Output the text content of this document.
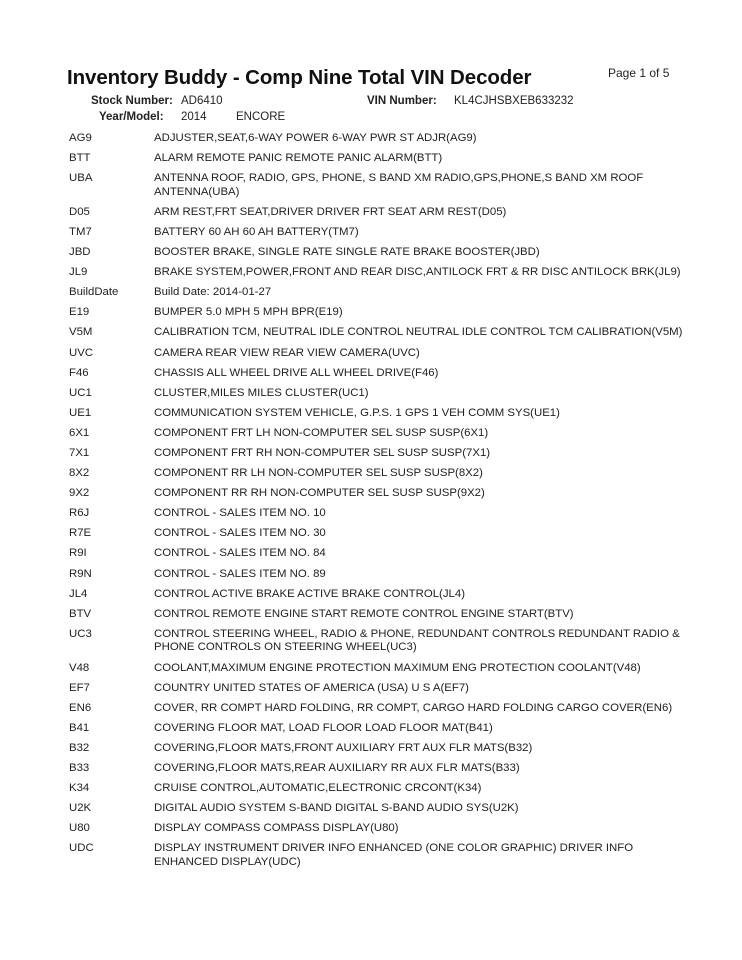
Inventory Buddy - Comp Nine Total VIN Decoder	Page 1 of 5
Stock Number: AD6410	VIN Number: KL4CJHSBXEB633232
Year/Model: 2014	ENCORE
AG9	ADJUSTER,SEAT,6-WAY POWER 6-WAY PWR ST ADJR(AG9)
BTT	ALARM REMOTE PANIC REMOTE PANIC ALARM(BTT)
UBA	ANTENNA ROOF, RADIO, GPS, PHONE, S BAND XM RADIO,GPS,PHONE,S BAND XM ROOF ANTENNA(UBA)
D05	ARM REST,FRT SEAT,DRIVER DRIVER FRT SEAT ARM REST(D05)
TM7	BATTERY 60 AH 60 AH BATTERY(TM7)
JBD	BOOSTER BRAKE, SINGLE RATE SINGLE RATE BRAKE BOOSTER(JBD)
JL9	BRAKE SYSTEM,POWER,FRONT AND REAR DISC,ANTILOCK FRT & RR DISC ANTILOCK BRK(JL9)
BuildDate	Build Date: 2014-01-27
E19	BUMPER 5.0 MPH 5 MPH BPR(E19)
V5M	CALIBRATION TCM, NEUTRAL IDLE CONTROL NEUTRAL IDLE CONTROL TCM CALIBRATION(V5M)
UVC	CAMERA REAR VIEW REAR VIEW CAMERA(UVC)
F46	CHASSIS ALL WHEEL DRIVE ALL WHEEL DRIVE(F46)
UC1	CLUSTER,MILES MILES CLUSTER(UC1)
UE1	COMMUNICATION SYSTEM VEHICLE, G.P.S. 1 GPS 1 VEH COMM SYS(UE1)
6X1	COMPONENT FRT LH NON-COMPUTER SEL SUSP SUSP(6X1)
7X1	COMPONENT FRT RH NON-COMPUTER SEL SUSP SUSP(7X1)
8X2	COMPONENT RR LH NON-COMPUTER SEL SUSP SUSP(8X2)
9X2	COMPONENT RR RH NON-COMPUTER SEL SUSP SUSP(9X2)
R6J	CONTROL - SALES ITEM NO. 10
R7E	CONTROL - SALES ITEM NO. 30
R9I	CONTROL - SALES ITEM NO. 84
R9N	CONTROL - SALES ITEM NO. 89
JL4	CONTROL ACTIVE BRAKE ACTIVE BRAKE CONTROL(JL4)
BTV	CONTROL REMOTE ENGINE START REMOTE CONTROL ENGINE START(BTV)
UC3	CONTROL STEERING WHEEL, RADIO & PHONE, REDUNDANT CONTROLS REDUNDANT RADIO & PHONE CONTROLS ON STEERING WHEEL(UC3)
V48	COOLANT,MAXIMUM ENGINE PROTECTION MAXIMUM ENG PROTECTION COOLANT(V48)
EF7	COUNTRY UNITED STATES OF AMERICA (USA) U S A(EF7)
EN6	COVER, RR COMPT HARD FOLDING, RR COMPT, CARGO HARD FOLDING CARGO COVER(EN6)
B41	COVERING FLOOR MAT, LOAD FLOOR LOAD FLOOR MAT(B41)
B32	COVERING,FLOOR MATS,FRONT AUXILIARY FRT AUX FLR MATS(B32)
B33	COVERING,FLOOR MATS,REAR AUXILIARY RR AUX FLR MATS(B33)
K34	CRUISE CONTROL,AUTOMATIC,ELECTRONIC CRCONT(K34)
U2K	DIGITAL AUDIO SYSTEM S-BAND DIGITAL S-BAND AUDIO SYS(U2K)
U80	DISPLAY COMPASS COMPASS DISPLAY(U80)
UDC	DISPLAY INSTRUMENT DRIVER INFO ENHANCED (ONE COLOR GRAPHIC) DRIVER INFO ENHANCED DISPLAY(UDC)
